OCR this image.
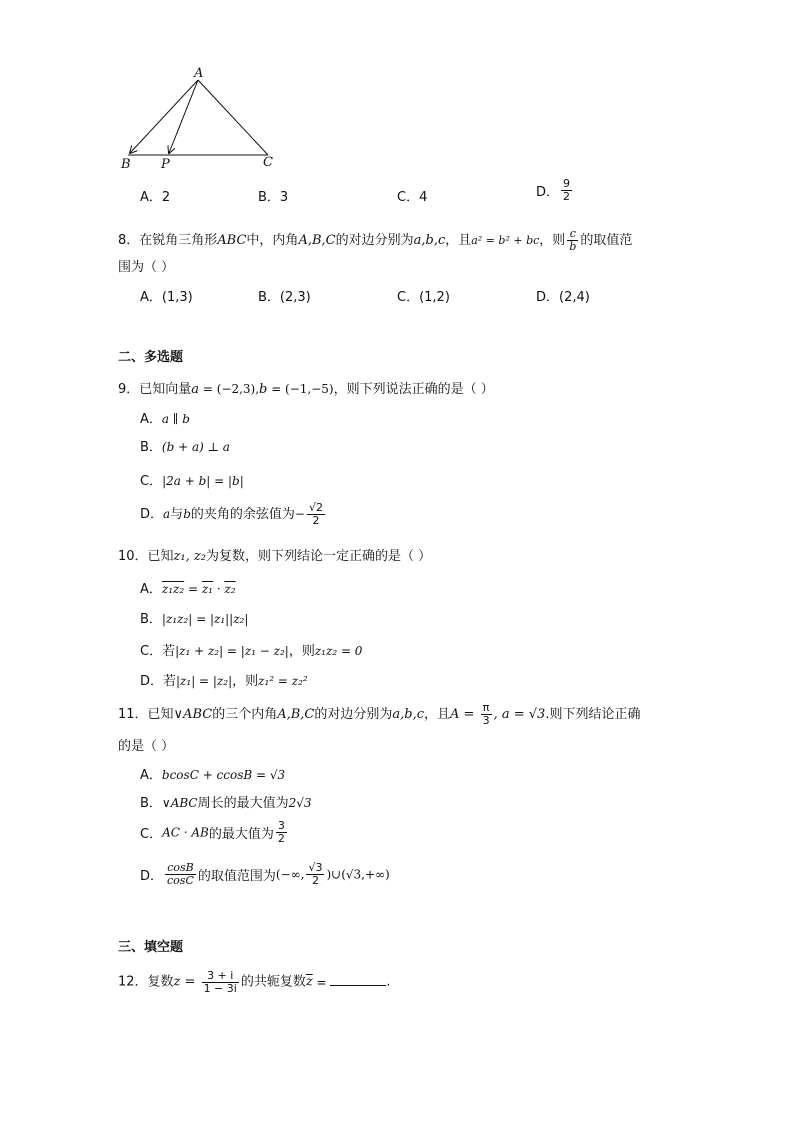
A
B P	C
A．2	B．3	C．4	D． $\frac{9}{2}$
8．在锐角三角形ABC中，内角A,B,C的对边分别为a,b,c，且a² = b² + bc，则 $\frac{c}{b}$ 的取值范
围为（ ）
A．(1,3)	B．(2,3)	C．(1,2)	D．(2,4)
二、多选题
9．已知向量a = (−2,3),b = (−1,−5)，则下列说法正确的是（ ）
A．a ∥ b
B．(b + a) ⊥ a
C．|2a + b| = |b|
D．a与b的夹角的余弦值为− $\frac{√2}{2}$
10．已知z₁, z₂为复数，则下列结论一定正确的是（ ）
A．z₁z₂ = z₁ · z₂
B．|z₁z₂| = |z₁||z₂|
C．若|z₁ + z₂| = |z₁ − z₂|，则z₁z₂ = 0
D．若|z₁| = |z₂|，则z₁² = z₂²
11．已知∨ABC的三个内角A,B,C的对边分别为a,b,c，且$A = \frac{\pi}{3}$ , a = √3.则下列结论正确
的是（ ）
A．bcosC + ccosB = √3
B．∨ABC周长的最大值为2√3
C．AC · AB的最大值为 $\frac{3}{2}$
D． $\frac{\cos B}{\cos C}$ 的取值范围为(−∞, $\frac{√3}{2}$ )∪(√3,+∞)
三、填空题
12．复数$z = \frac{3 + i}{1 - 3i}$ 的共轭复数$\overline{z}$ =	.
